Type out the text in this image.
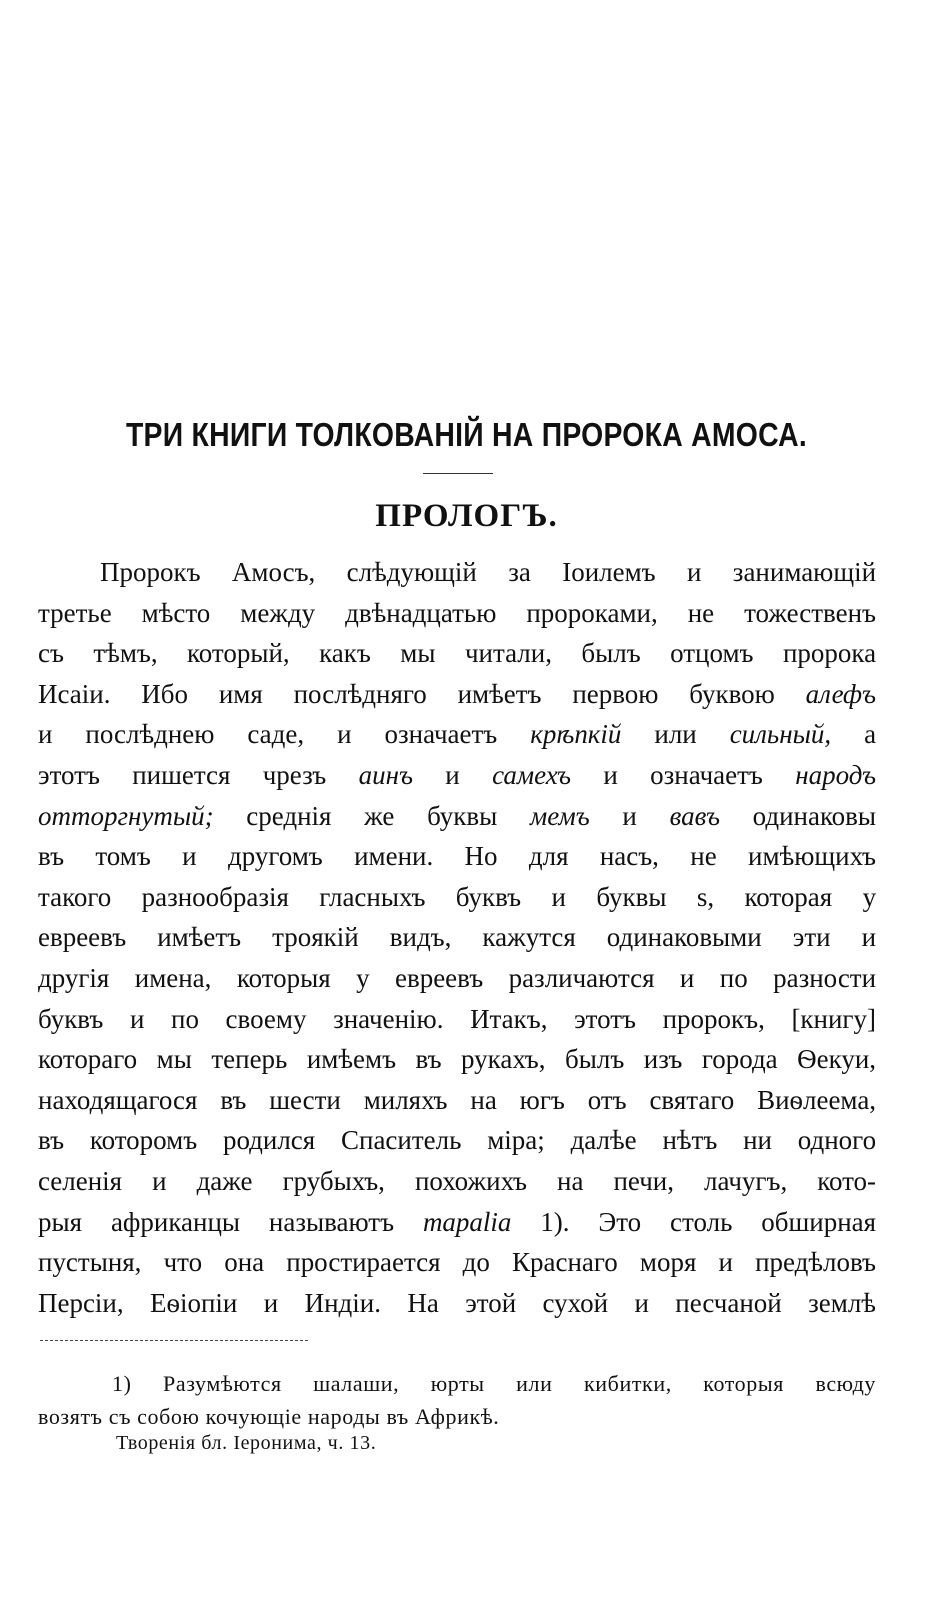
ТРИ КНИГИ ТОЛКОВАНІЙ НА ПРОРОКА АМОСА.
ПРОЛОГЪ.
Пророкъ Амосъ, слѣдующій за Іоилемъ и занимающій
третье мѣсто между двѣнадцатью пророками, не тожественъ
съ тѣмъ, который, какъ мы читали, былъ отцомъ пророка
Исаіи. Ибо имя послѣдняго имѣетъ первою буквою алефъ
и послѣднею саде, и означаетъ крѣпкій или сильный, а
этотъ пишется чрезъ аинъ и самехъ и означаетъ народъ
отторгнутый; среднія же буквы мемъ и вавъ одинаковы
въ томъ и другомъ имени. Но для насъ, не имѣющихъ
такого разнообразія гласныхъ буквъ и буквы s, которая у
евреевъ имѣетъ трoякій видъ, кажутся одинаковыми эти и
другія имена, которыя у евреевъ различаются и по разности
буквъ и по своему значенію. Итакъ, этотъ пророкъ, [книгу]
котораго мы теперь имѣемъ въ рукахъ, былъ изъ города Ѳекуи,
находящагося въ шести миляхъ на югъ отъ святаго Виѳлеема,
въ которомъ родился Спаситель міра; далѣе нѣтъ ни одного
селенія и даже грубыхъ, похожихъ на печи, лачугъ, кото-
рыя африканцы называютъ mapalia 1). Это столь обширная
пустыня, что она простирается до Краснаго моря и предѣловъ
Персіи, Еѳіопіи и Индіи. На этой сухой и песчаной землѣ
1) Разумѣются шалаши, юрты или кибитки, которыя всюду
возятъ съ собою кочующіе народы въ Африкѣ.

Творенія бл. Іеронима, ч. 13.
